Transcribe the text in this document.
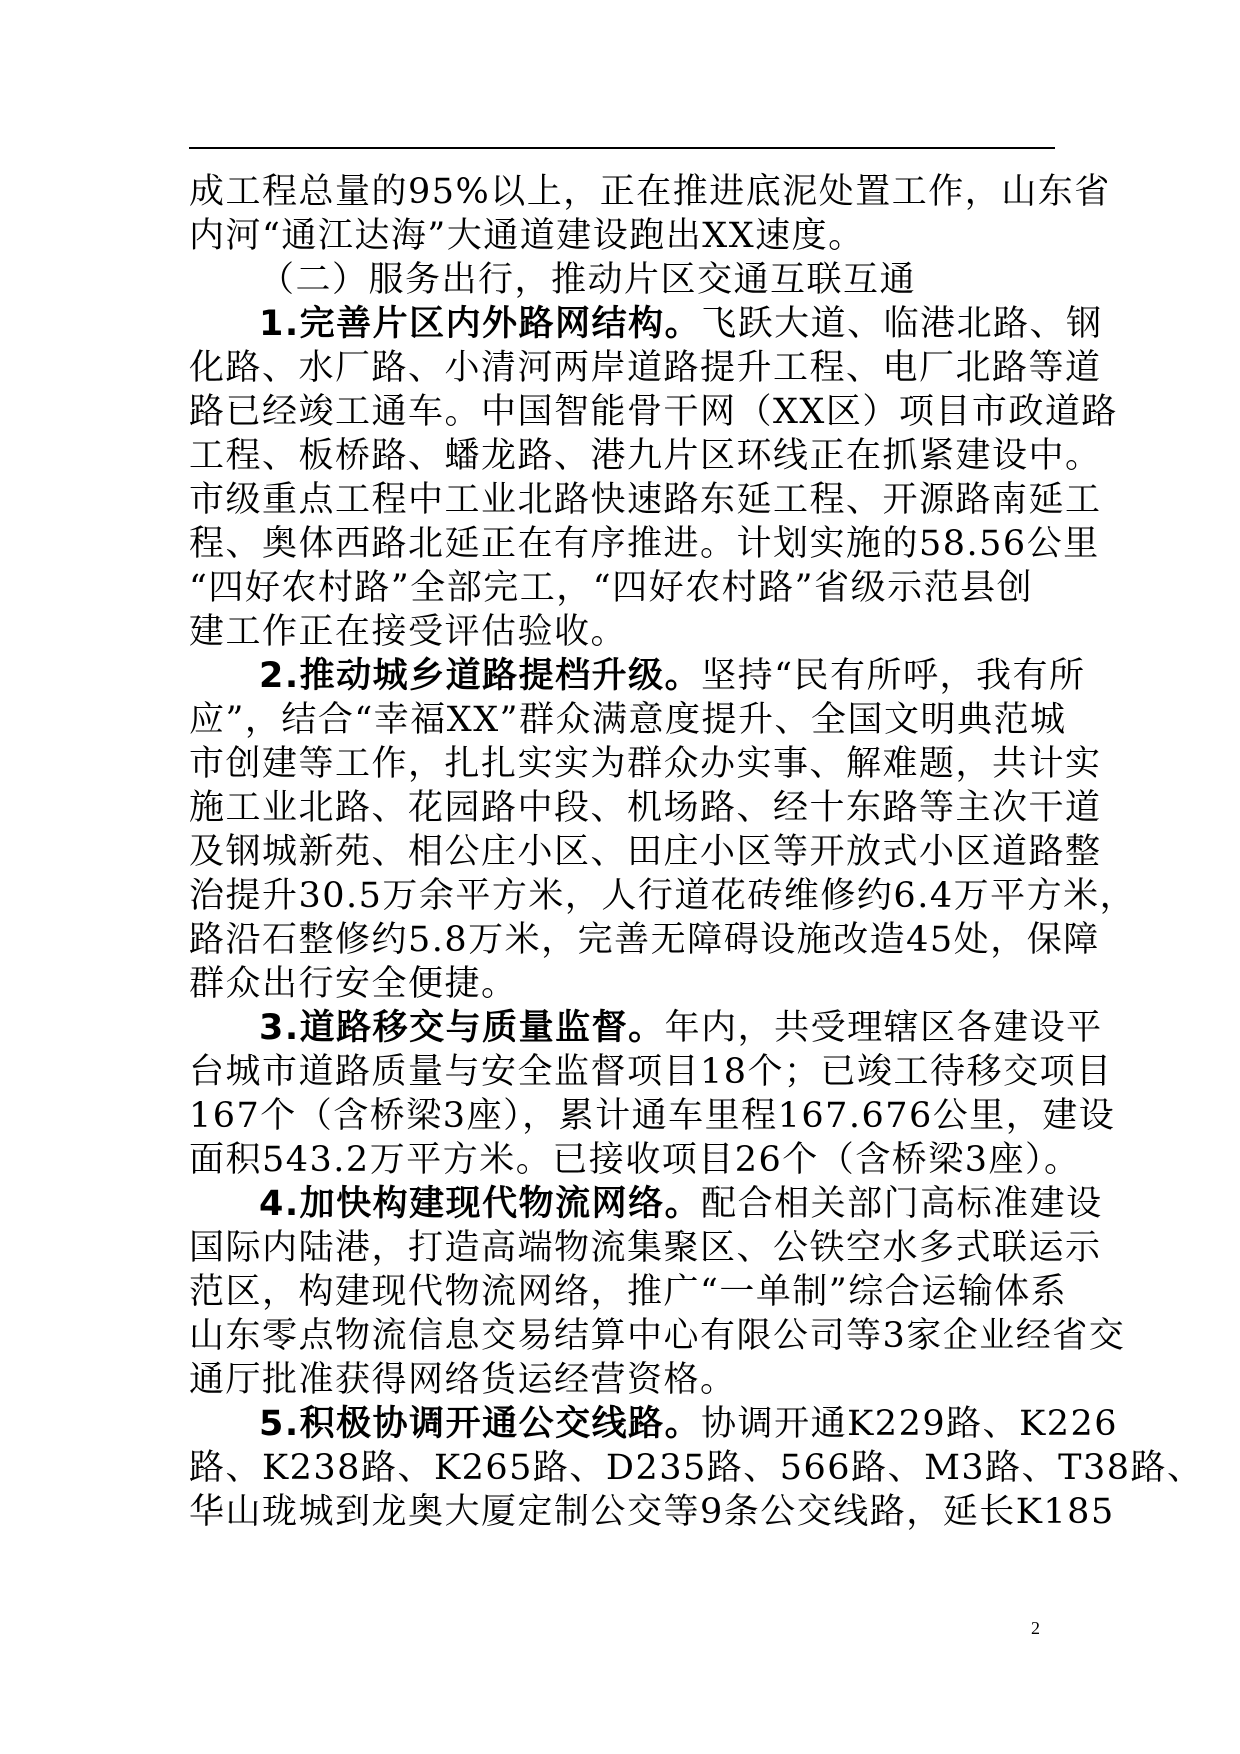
成工程总量的95%以上，正在推进底泥处置工作，山东省
内河“通江达海”大通道建设跑出XX速度。
（二）服务出行，推动片区交通互联互通
1.完善片区内外路网结构。飞跃大道、临港北路、钢
化路、水厂路、小清河两岸道路提升工程、电厂北路等道
路已经竣工通车。中国智能骨干网（XX区）项目市政道路
工程、板桥路、蟠龙路、港九片区环线正在抓紧建设中。
市级重点工程中工业北路快速路东延工程、开源路南延工
程、奥体西路北延正在有序推进。计划实施的58.56公里
“四好农村路”全部完工，“四好农村路”省级示范县创
建工作正在接受评估验收。
2.推动城乡道路提档升级。坚持“民有所呼，我有所
应”，结合“幸福XX”群众满意度提升、全国文明典范城
市创建等工作，扎扎实实为群众办实事、解难题，共计实
施工业北路、花园路中段、机场路、经十东路等主次干道
及钢城新苑、相公庄小区、田庄小区等开放式小区道路整
治提升30.5万余平方米，人行道花砖维修约6.4万平方米，
路沿石整修约5.8万米，完善无障碍设施改造45处，保障
群众出行安全便捷。
3.道路移交与质量监督。年内，共受理辖区各建设平
台城市道路质量与安全监督项目18个；已竣工待移交项目
167个（含桥梁3座），累计通车里程167.676公里，建设
面积543.2万平方米。已接收项目26个（含桥梁3座）。
4.加快构建现代物流网络。配合相关部门高标准建设
国际内陆港，打造高端物流集聚区、公铁空水多式联运示
范区，构建现代物流网络，推广“一单制”综合运输体系
山东零点物流信息交易结算中心有限公司等3家企业经省交
通厅批准获得网络货运经营资格。
5.积极协调开通公交线路。协调开通K229路、K226
路、K238路、K265路、D235路、566路、M3路、T38路、
华山珑城到龙奥大厦定制公交等9条公交线路，延长K185
2
